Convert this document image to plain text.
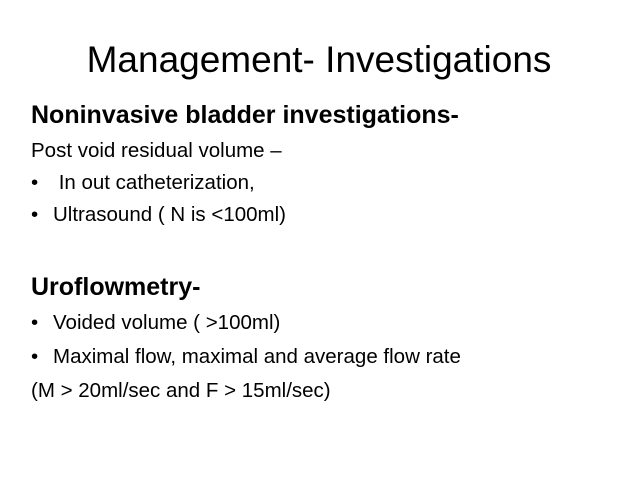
Management- Investigations
Noninvasive bladder investigations-
Post void residual volume –
• In out catheterization,
• Ultrasound ( N is <100ml)
Uroflowmetry-
• Voided volume ( >100ml)
• Maximal flow, maximal and average flow rate
(M > 20ml/sec and F > 15ml/sec)
